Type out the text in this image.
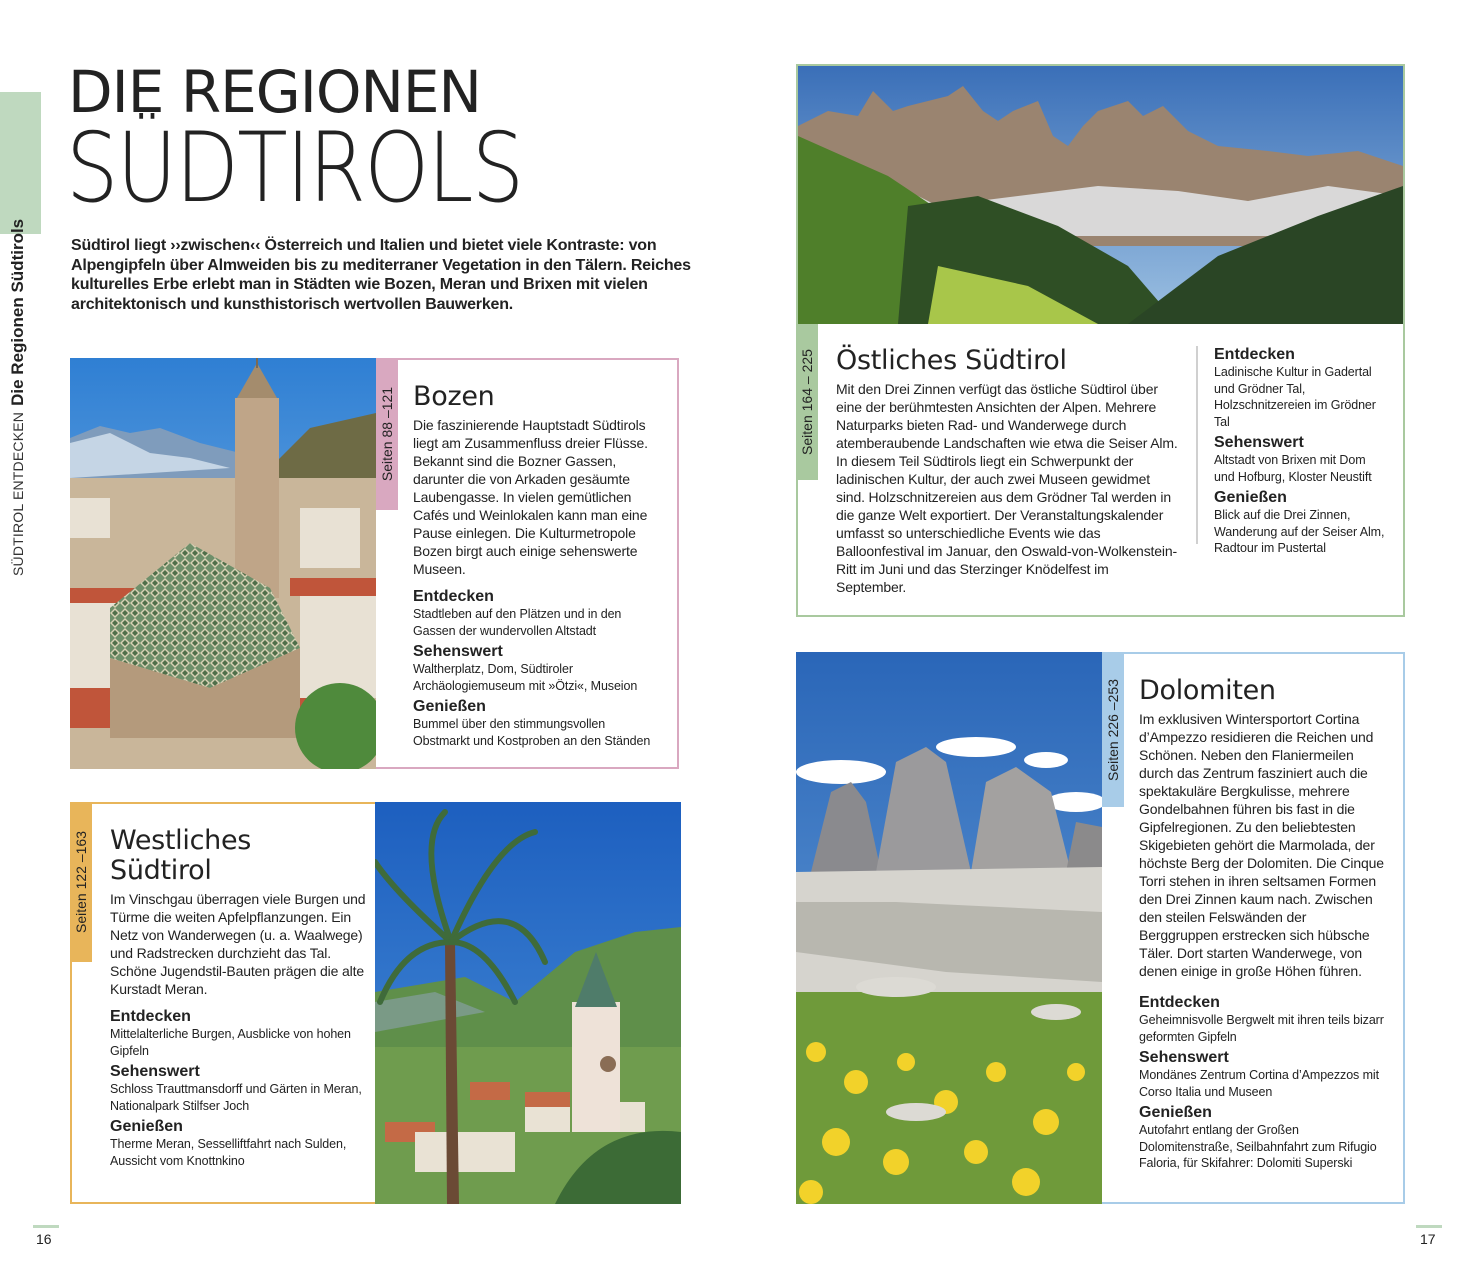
SÜDTIROL ENTDECKENDie Regionen Südtirols
DIE REGIONEN
SÜDTIROLS

Südtirol liegt ››zwischen‹‹ Österreich und Italien und bietet viele Kontraste: von Alpengipfeln über Almweiden bis zu mediterraner Vegetation in den Tälern. Reiches kulturelles Erbe erlebt man in Städten wie Bozen, Meran und Brixen mit vielen architektonisch und kunsthistorisch wertvollen Bauwerken.

Seiten 88 –121 Bozen

Die faszinierende Hauptstadt Südtirols liegt am Zusammenfluss dreier Flüsse. Bekannt sind die Bozner Gassen, darunter die von Arkaden gesäumte Laubengasse. In vielen gemütlichen Cafés und Weinlokalen kann man eine Pause einlegen. Die Kulturmetropole Bozen birgt auch einige sehenswerte Museen.

Entdecken

Stadtleben auf den Plätzen und in den Gassen der wundervollen Altstadt

Sehenswert

Waltherplatz, Dom, Südtiroler Archäologiemuseum mit »Ötzi«, Museion

Genießen

Bummel über den stimmungsvollen Obstmarkt und Kostproben an den Ständen

Seiten 122 –163 Westliches Südtirol

Im Vinschgau überragen viele Burgen und Türme die weiten Apfelpflanzungen. Ein Netz von Wanderwegen (u. a. Waalwege) und Radstrecken durchzieht das Tal. Schöne Jugendstil-Bauten prägen die alte Kurstadt Meran.

Entdecken

Mittelalterliche Burgen, Ausblicke von hohen Gipfeln

Sehenswert

Schloss Trauttmansdorff und Gärten in Meran, Nationalpark Stilfser Joch

Genießen

Therme Meran, Sesselliftfahrt nach Sulden, Aussicht vom Knottnkino

16
Seiten 164 – 225 Östliches Südtirol

Mit den Drei Zinnen verfügt das östliche Südtirol über eine der berühmtesten Ansichten der Alpen. Mehrere Naturparks bieten Rad- und Wanderwege durch atemberaubende Landschaften wie etwa die Seiser Alm. In diesem Teil Südtirols liegt ein Schwerpunkt der ladinischen Kultur, der auch zwei Museen gewidmet sind. Holzschnitzereien aus dem Grödner Tal werden in die ganze Welt exportiert. Der Veranstaltungskalender umfasst so unterschiedliche Events wie das Balloonfestival im Januar, den Oswald-von-Wolkenstein-Ritt im Juni und das Sterzinger Knödelfest im September.

Entdecken

Ladinische Kultur in Gadertal und Grödner Tal, Holzschnitzereien im Grödner Tal

Sehenswert

Altstadt von Brixen mit Dom und Hofburg, Kloster Neustift

Genießen

Blick auf die Drei Zinnen, Wanderung auf der Seiser Alm, Radtour im Pustertal

Seiten 226 –253 Dolomiten

Im exklusiven Wintersportort Cortina d’Ampezzo residieren die Reichen und Schönen. Neben den Flaniermeilen durch das Zentrum fasziniert auch die spektakuläre Bergkulisse, mehrere Gondelbahnen führen bis fast in die Gipfelregionen. Zu den beliebtesten Skigebieten gehört die Marmolada, der höchste Berg der Dolomiten. Die Cinque Torri stehen in ihren seltsamen Formen den Drei Zinnen kaum nach. Zwischen den steilen Felswänden der Berggruppen erstrecken sich hübsche Täler. Dort starten Wanderwege, von denen einige in große Höhen führen.

Entdecken

Geheimnisvolle Bergwelt mit ihren teils bizarr geformten Gipfeln

Sehenswert

Mondänes Zentrum Cortina d’Ampezzos mit Corso Italia und Museen

Genießen

Autofahrt entlang der Großen Dolomitenstraße, Seilbahnfahrt zum Rifugio Faloria, für Skifahrer: Dolomiti Superski

17
